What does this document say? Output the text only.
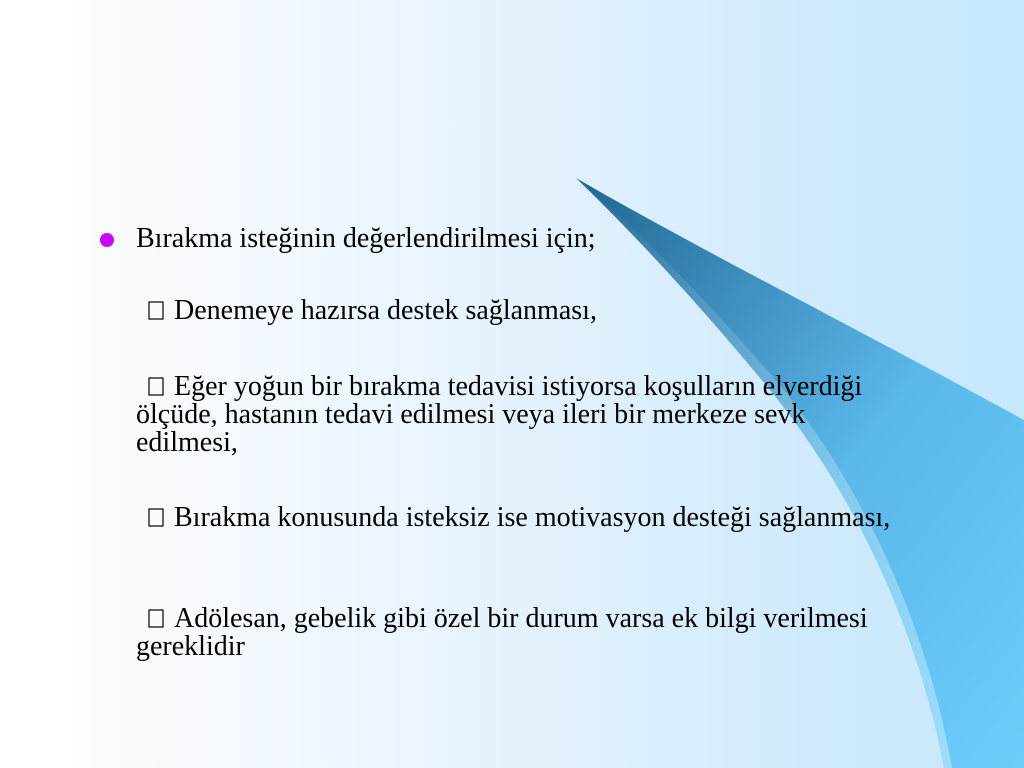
Bırakma isteğinin değerlendirilmesi için;
Denemeye hazırsa destek sağlanması,
Eğer yoğun bir bırakma tedavisi istiyorsa koşulların elverdiği ölçüde, hastanın tedavi edilmesi veya ileri bir merkeze sevk edilmesi,
Bırakma konusunda isteksiz ise motivasyon desteği sağlanması,
Adölesan, gebelik gibi özel bir durum varsa ek bilgi verilmesi gereklidir
